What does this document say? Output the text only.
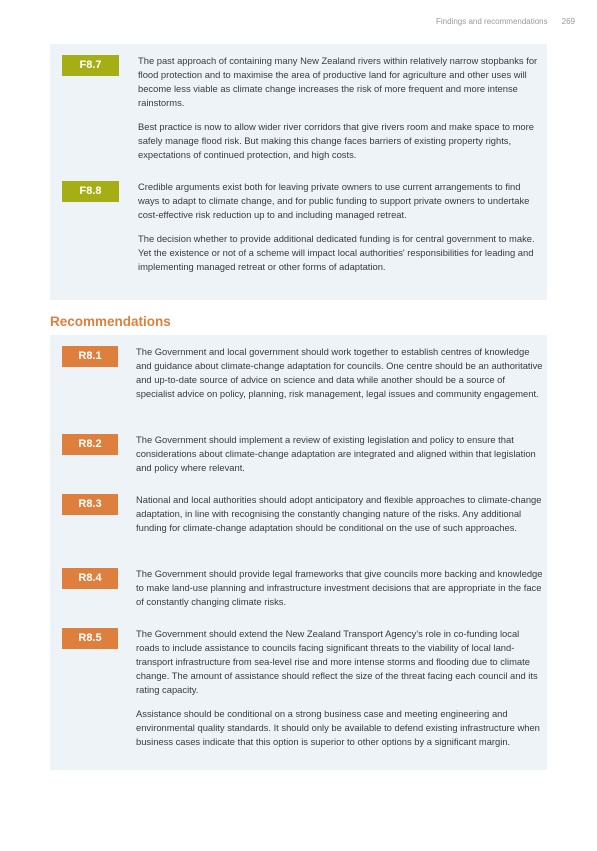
Findings and recommendations 269
F8.7	The past approach of containing many New Zealand rivers within relatively narrow stopbanks for flood protection and to maximise the area of productive land for agriculture and other uses will become less viable as climate change increases the risk of more frequent and more intense rainstorms.

Best practice is now to allow wider river corridors that give rivers room and make space to more safely manage flood risk. But making this change faces barriers of existing property rights, expectations of continued protection, and high costs.

F8.8	Credible arguments exist both for leaving private owners to use current arrangements to find ways to adapt to climate change, and for public funding to support private owners to undertake cost-effective risk reduction up to and including managed retreat.

The decision whether to provide additional dedicated funding is for central government to make. Yet the existence or not of a scheme will impact local authorities' responsibilities for leading and implementing managed retreat or other forms of adaptation.

Recommendations
R8.1	The Government and local government should work together to establish centres of knowledge and guidance about climate-change adaptation for councils. One centre should be an authoritative and up-to-date source of advice on science and data while another should be a source of specialist advice on policy, planning, risk management, legal issues and community engagement.

R8.2	The Government should implement a review of existing legislation and policy to ensure that considerations about climate-change adaptation are integrated and aligned within that legislation and policy where relevant.

R8.3	National and local authorities should adopt anticipatory and flexible approaches to climate-change adaptation, in line with recognising the constantly changing nature of the risks. Any additional funding for climate-change adaptation should be conditional on the use of such approaches.

R8.4	The Government should provide legal frameworks that give councils more backing and knowledge to make land-use planning and infrastructure investment decisions that are appropriate in the face of constantly changing climate risks.

R8.5	The Government should extend the New Zealand Transport Agency's role in co-funding local roads to include assistance to councils facing significant threats to the viability of local land-transport infrastructure from sea-level rise and more intense storms and flooding due to climate change. The amount of assistance should reflect the size of the threat facing each council and its rating capacity.

Assistance should be conditional on a strong business case and meeting engineering and environmental quality standards. It should only be available to defend existing infrastructure when business cases indicate that this option is superior to other options by a significant margin.
